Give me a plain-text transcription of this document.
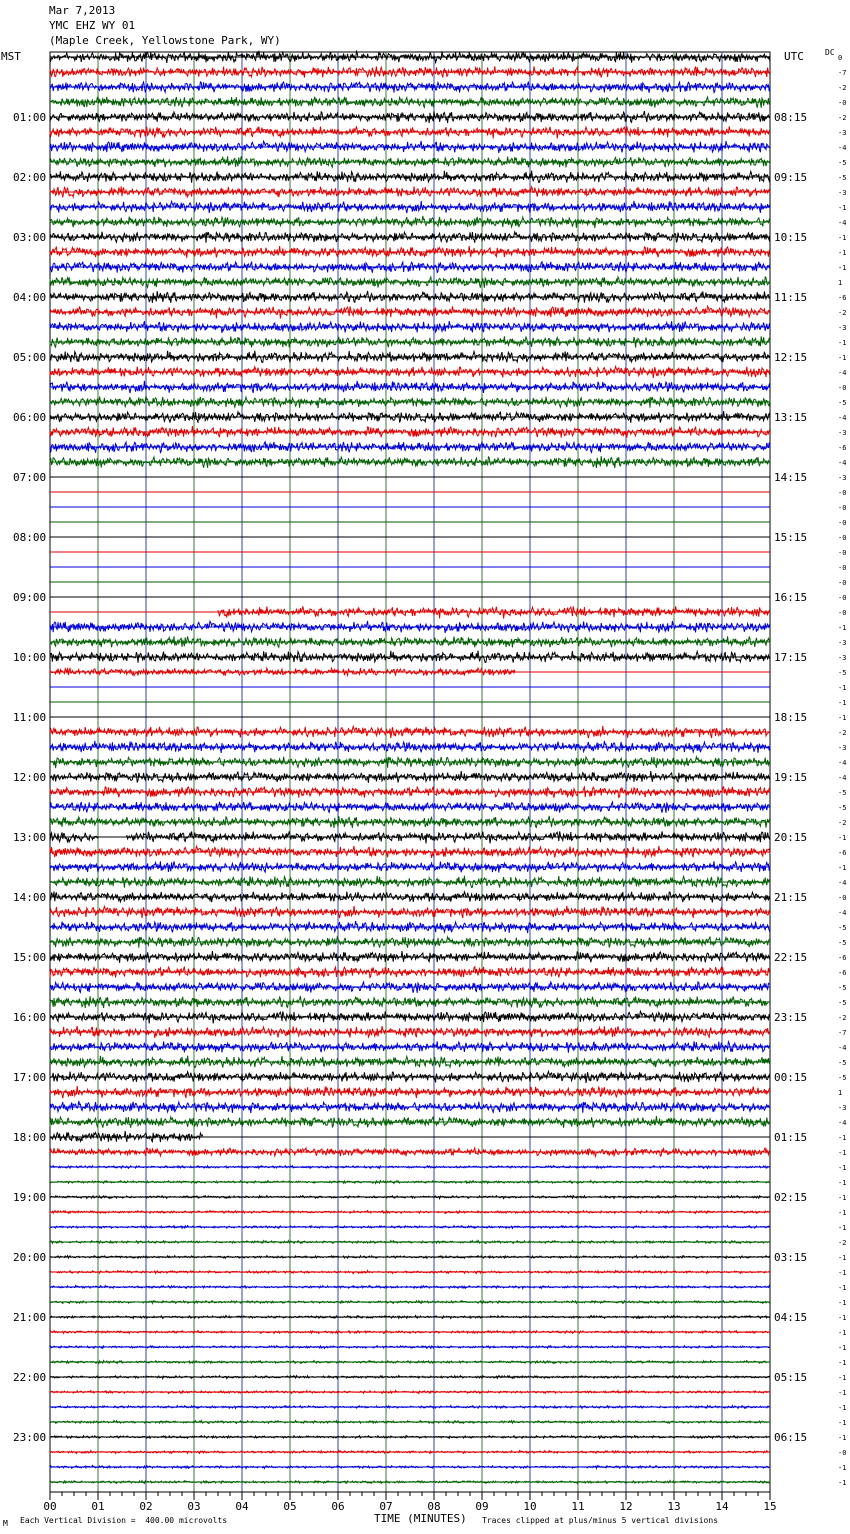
Mar 7,2013
YMC EHZ WY 01
(Maple Creek, Yellowstone Park, WY)
MST	UTC	DC
00	01	02	03	04	05	06	07	08	09	10	11	12	13	14	15
0
-7
-2
-0
-2
01:00	08:15
-3
-4
-5
-5
02:00	09:15
-3
-1
-4
-1
03:00	10:15
-1
-1
1
-6
04:00	11:15
-2
-3
-1
-1
05:00	12:15
-4
-0
-5
-4
06:00	13:15
-3
-6
-4
-3
07:00	14:15
-0
-0
-0
-0
08:00	15:15
-0
-0
-0
-0
09:00	16:15
-0
-1
-3
-3
10:00	17:15
-5
-1
-1
-1
11:00	18:15
-2
-3
-4
-4
12:00	19:15
-5
-5
-2
-1
13:00	20:15
-6
-1
-4
-0
14:00	21:15
-4
-5
-5
-6
15:00	22:15
-6
-5
-5
-2
16:00	23:15
-7
-4
-5
-5
17:00	00:15
1
-3
-4
-1
18:00	01:15
-1
-1
-1
-1
19:00	02:15
-1
-1
-2
-1
20:00	03:15
-1
-1
-1
-1
21:00	04:15
-1
-1
-1
-1
22:00	05:15
-1
-1
-1
-1
23:00	06:15
-0
-1
-1
TIME (MINUTES)
M Each Vertical Division =  400.00 microvolts	Traces clipped at plus/minus 5 vertical divisions
